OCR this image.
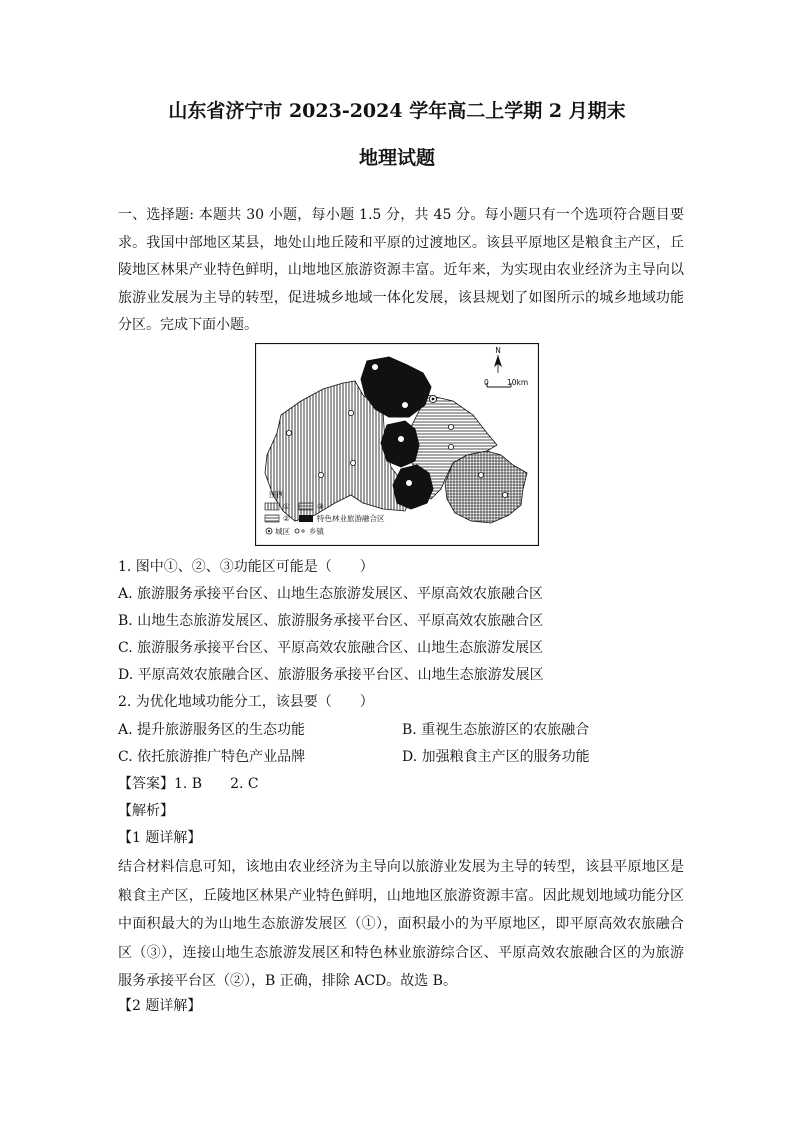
山东省济宁市 2023-2024 学年高二上学期 2 月期末
地理试题
一、选择题: 本题共 30 小题，每小题 1.5 分，共 45 分。每小题只有一个选项符合题目要求。我国中部地区某县，地处山地丘陵和平原的过渡地区。该县平原地区是粮食主产区，丘陵地区林果产业特色鲜明，山地地区旅游资源丰富。近年来，为实现由农业经济为主导向以旅游业发展为主导的转型，促进城乡地域一体化发展，该县规划了如图所示的城乡地域功能分区。完成下面小题。
N
0 10km
图例
①	③
②	特色林业旅游融合区
城区	乡镇
1. 图中①、②、③功能区可能是（　　）
A. 旅游服务承接平台区、山地生态旅游发展区、平原高效农旅融合区
B. 山地生态旅游发展区、旅游服务承接平台区、平原高效农旅融合区
C. 旅游服务承接平台区、平原高效农旅融合区、山地生态旅游发展区
D. 平原高效农旅融合区、旅游服务承接平台区、山地生态旅游发展区
2. 为优化地域功能分工，该县要（　　）
A. 提升旅游服务区的生态功能	B. 重视生态旅游区的农旅融合
C. 依托旅游推广特色产业品牌	D. 加强粮食主产区的服务功能
【答案】1. B　　2. C
【解析】
【1 题详解】
结合材料信息可知，该地由农业经济为主导向以旅游业发展为主导的转型，该县平原地区是粮食主产区，丘陵地区林果产业特色鲜明，山地地区旅游资源丰富。因此规划地域功能分区中面积最大的为山地生态旅游发展区（①），面积最小的为平原地区，即平原高效农旅融合区（③），连接山地生态旅游发展区和特色林业旅游综合区、平原高效农旅融合区的为旅游服务承接平台区（②），B 正确，排除 ACD。故选 B。
【2 题详解】
